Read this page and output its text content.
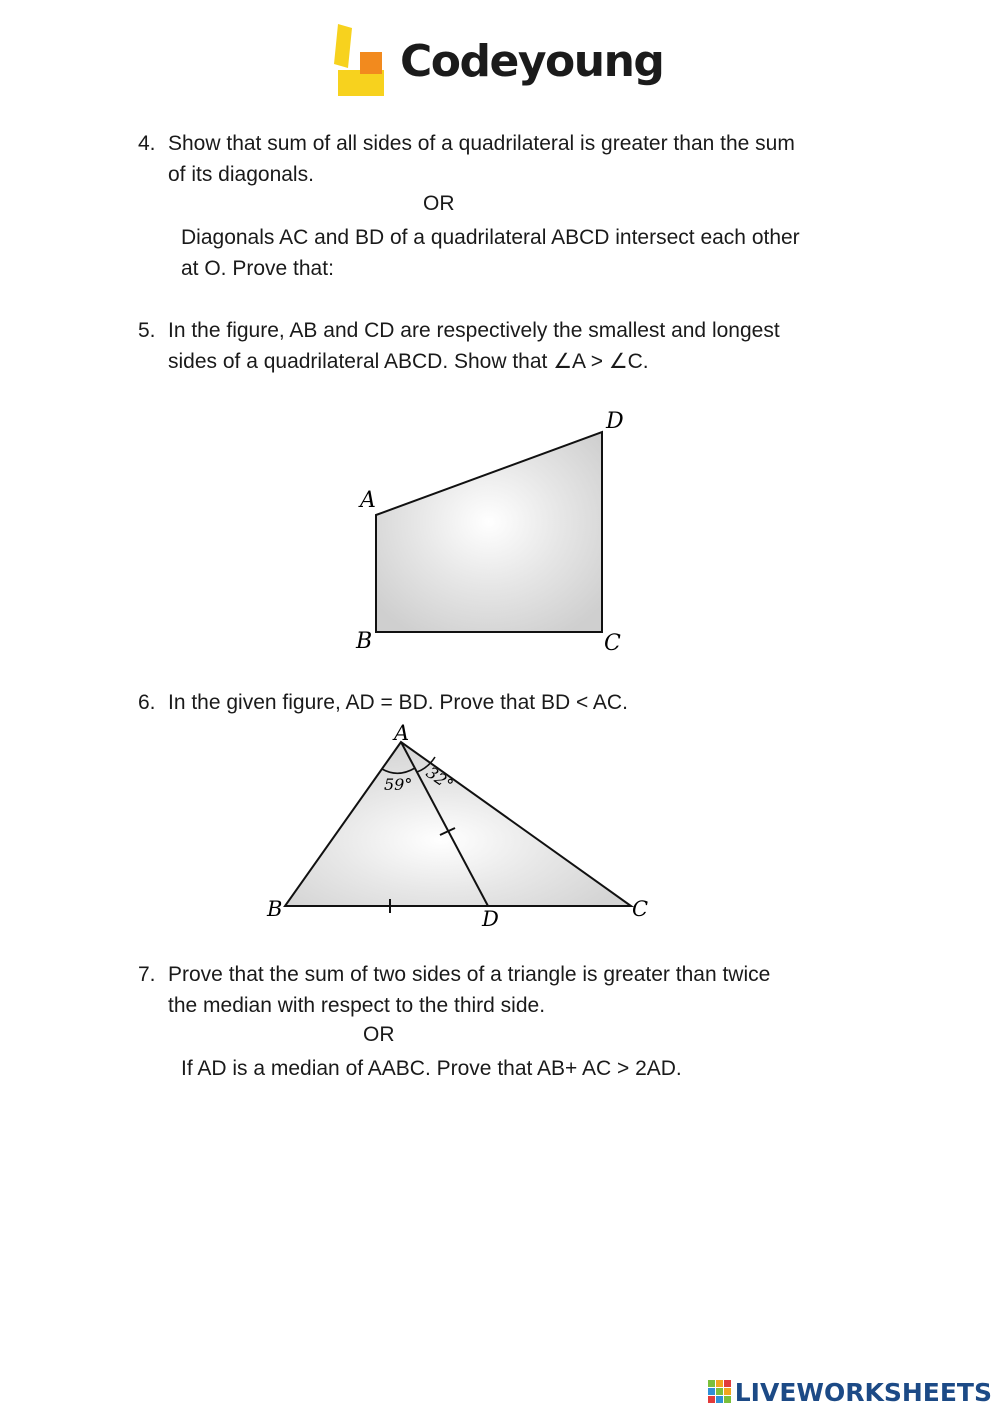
Codeyoung
4. Show that sum of all sides of a quadrilateral is greater than the sum
of its diagonals.
OR
Diagonals AC and BD of a quadrilateral ABCD intersect each other
at O. Prove that:
5. In the figure, AB and CD are respectively the smallest and longest
sides of a quadrilateral ABCD. Show that ∠A > ∠C.
A
B	C
D
6. In the given figure, AD = BD. Prove that BD < AC.
59° 32°
A
B	C
D
7. Prove that the sum of two sides of a triangle is greater than twice
the median with respect to the third side.
OR
If AD is a median of AABC. Prove that AB+ AC > 2AD.
LIVEWORKSHEETS
